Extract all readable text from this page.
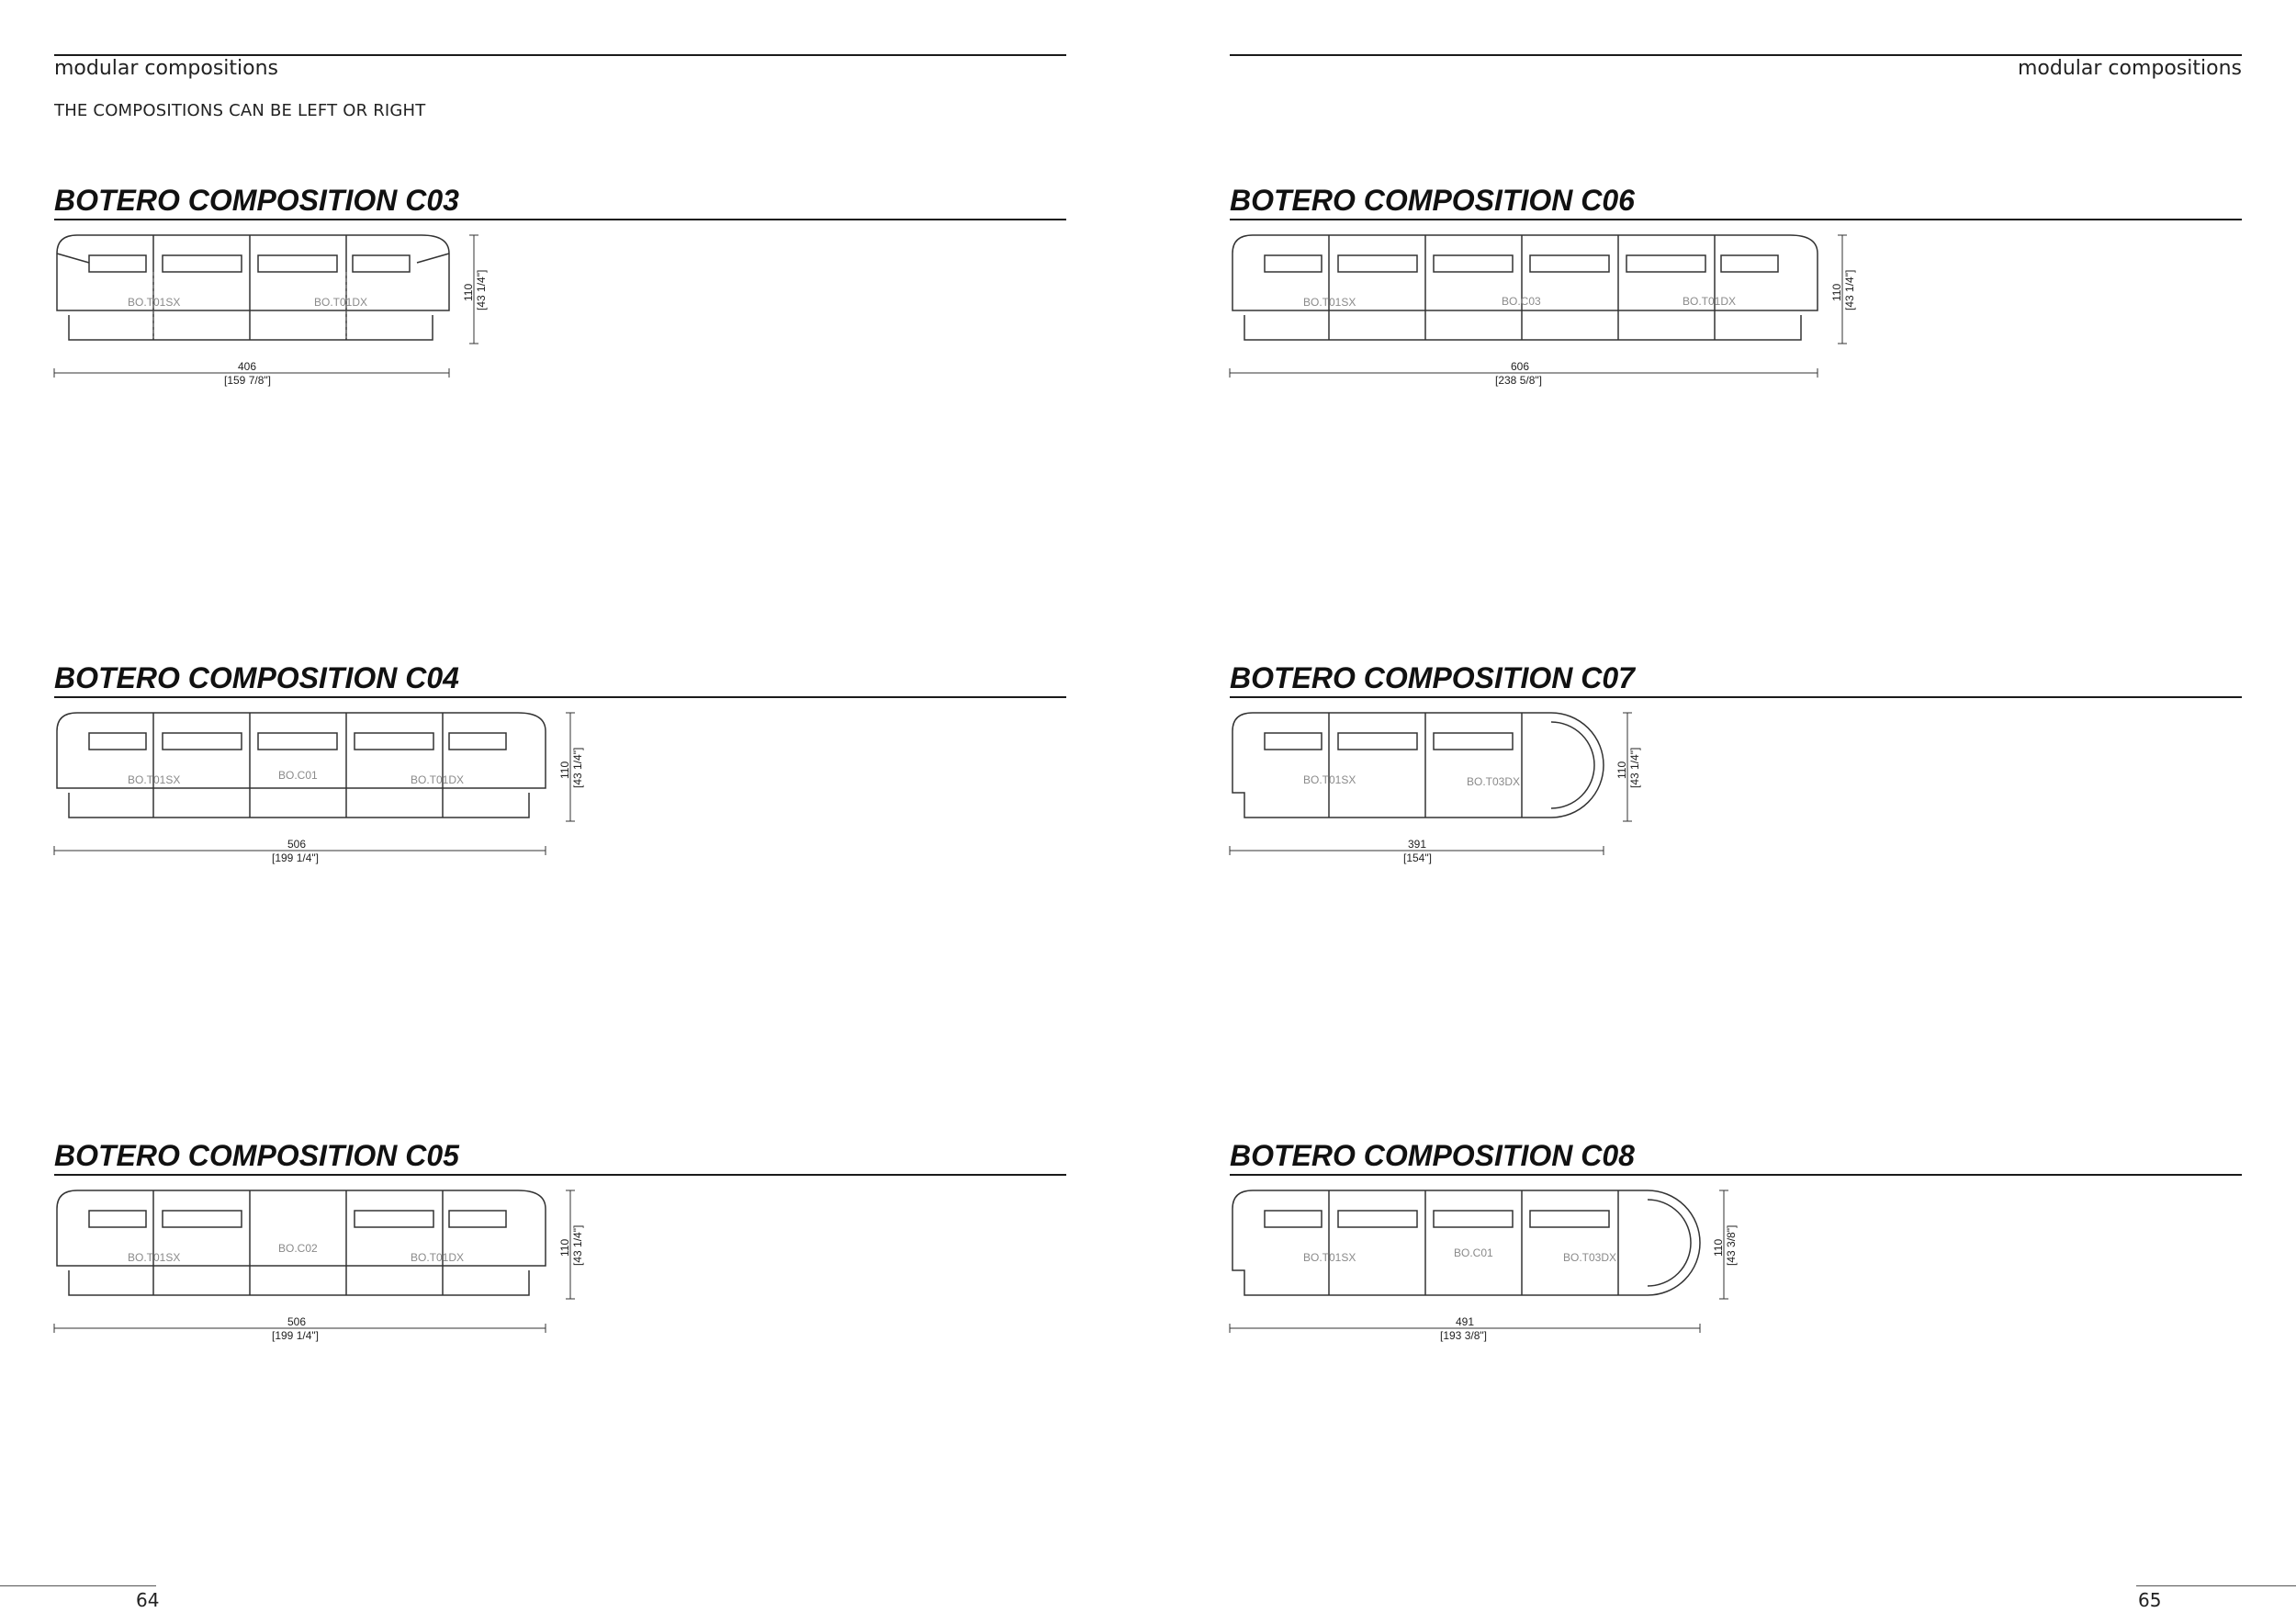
modular compositions
THE COMPOSITIONS CAN BE LEFT OR RIGHT
BOTERO COMPOSITION C03
BO.T01SX	BO.T01DX
110 [43 1/4"]
406
[159 7/8"]
BOTERO COMPOSITION C04
BO.T01SX	BO.C01	BO.T01DX
110 [43 1/4"]
506
[199 1/4"]
BOTERO COMPOSITION C05
BO.T01SX
BO.C02
BO.T01DX
110 [43 1/4"]
506
[199 1/4"]
64
modular compositions
BOTERO COMPOSITION C06
BO.T01SX	BO.C03	BO.T01DX	110 [43 1/4"]
606
[238 5/8"]
BOTERO COMPOSITION C07
BO.T01SX	BO.T03DX
110 [43 1/4"]
391
[154"]
BOTERO COMPOSITION C08
BO.T01SX	BO.C01	BO.T03DX
110 [43 3/8"]
491
[193 3/8"]
65
